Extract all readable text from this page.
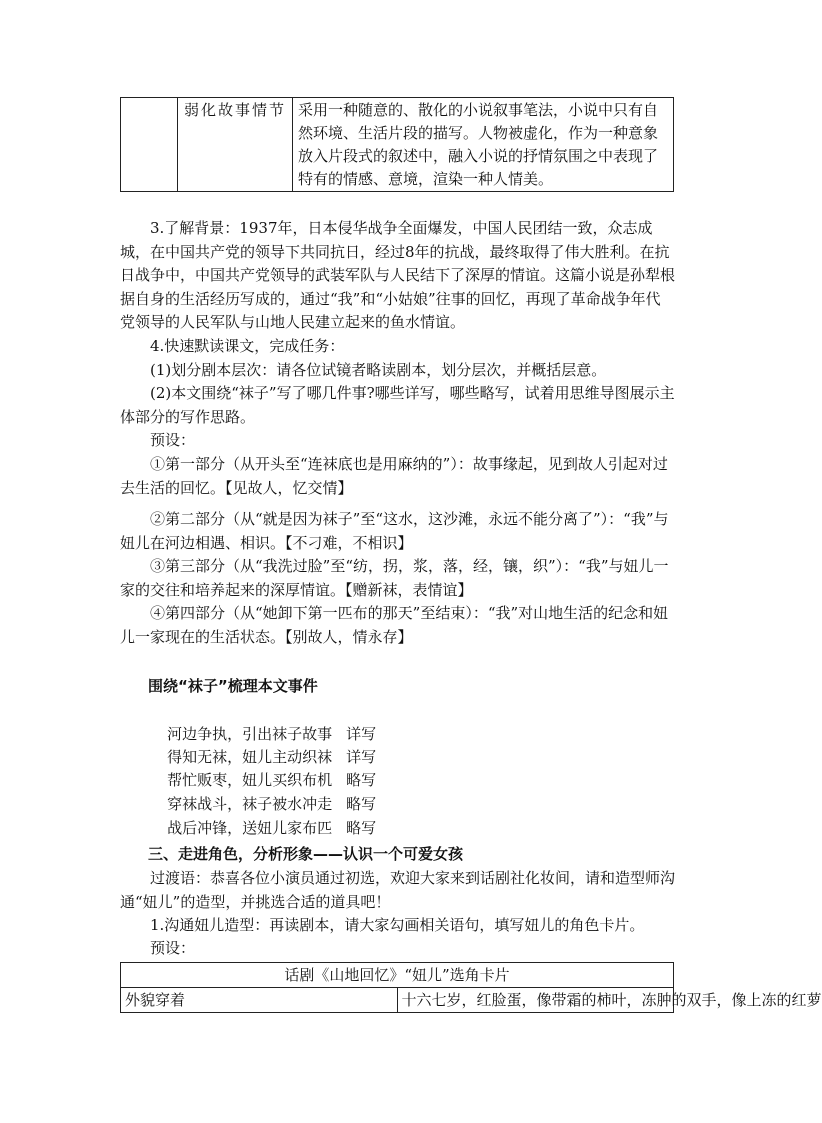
	弱化故事情节	采用一种随意的、散化的小说叙事笔法，小说中只有自然环境、生活片段的描写。人物被虚化，作为一种意象放入片段式的叙述中，融入小说的抒情氛围之中表现了特有的情感、意境，渲染一种人情美。

3.了解背景：1937年，日本侵华战争全面爆发，中国人民团结一致，众志成城，在中国共产党的领导下共同抗日，经过8年的抗战，最终取得了伟大胜利。在抗日战争中，中国共产党领导的武装军队与人民结下了深厚的情谊。这篇小说是孙犁根据自身的生活经历写成的，通过“我”和“小姑娘”往事的回忆，再现了革命战争年代党领导的人民军队与山地人民建立起来的鱼水情谊。

4.快速默读课文，完成任务：
(1)划分剧本层次：请各位试镜者略读剧本，划分层次，并概括层意。

(2)本文围绕“袜子”写了哪几件事?哪些详写，哪些略写，试着用思维导图展示主体部分的写作思路。

预设：

①第一部分（从开头至“连袜底也是用麻纳的”）：故事缘起，见到故人引起对过去生活的回忆。【见故人，忆交情】

②第二部分（从“就是因为袜子”至“这水，这沙滩，永远不能分离了”）：“我”与妞儿在河边相遇、相识。【不刁难，不相识】

③第三部分（从“我洗过脸”至“纺，拐，浆，落，经，镶，织”）：“我”与妞儿一家的交往和培养起来的深厚情谊。【赠新袜，表情谊】

④第四部分（从“她卸下第一匹布的那天”至结束）：“我”对山地生活的纪念和妞儿一家现在的生活状态。【别故人，情永存】

围绕“袜子”梳理本文事件

河边争执，引出袜子故事 详写

得知无袜，妞儿主动织袜 详写

帮忙贩枣，妞儿买织布机 略写

穿袜战斗，袜子被水冲走 略写

战后冲锋，送妞儿家布匹 略写

三、走进角色，分析形象——认识一个可爱女孩

过渡语：恭喜各位小演员通过初选，欢迎大家来到话剧社化妆间，请和造型师沟通“妞儿”的造型，并挑选合适的道具吧！

1.沟通妞儿造型：再读剧本，请大家勾画相关语句，填写妞儿的角色卡片。
预设：
话剧《山地回忆》“妞儿”选角卡片
外貌穿着	十六七岁，红脸蛋，像带霜的柿叶，冻肿的双手，像上冻的红萝
